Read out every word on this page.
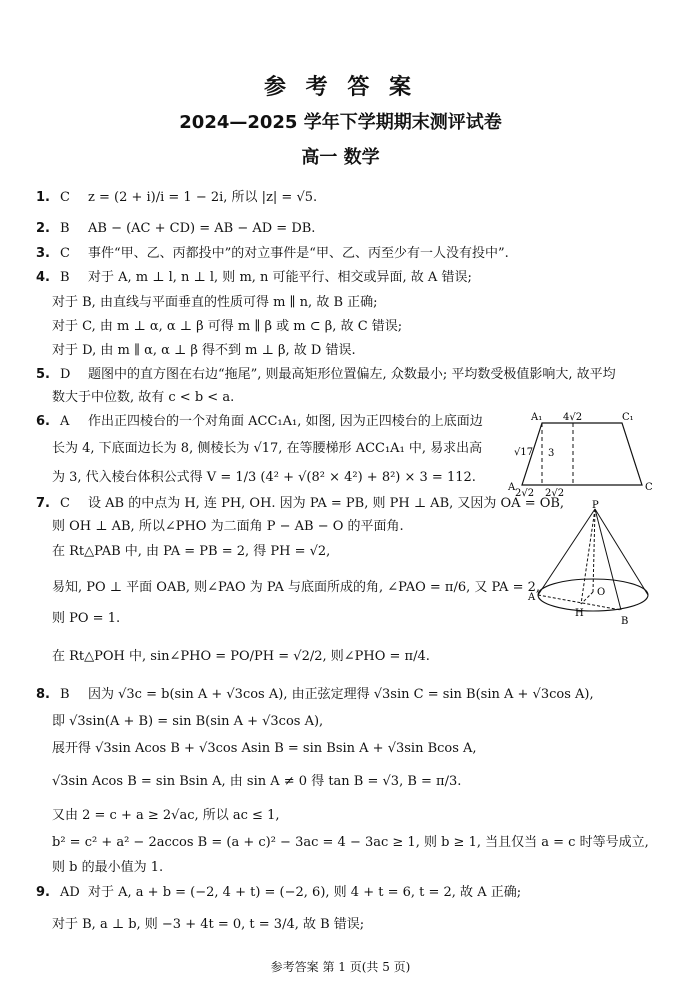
参 考 答 案
2024—2025 学年下学期期末测评试卷
高一 数学
1. C z = (2 + i)/i = 1 − 2i, 所以 |z| = √5.
2. B AB − (AC + CD) = AB − AD = DB.
3. C 事件“甲、乙、丙都投中”的对立事件是“甲、乙、丙至少有一人没有投中”.
4. B 对于 A, m ⊥ l, n ⊥ l, 则 m, n 可能平行、相交或异面, 故 A 错误;
对于 B, 由直线与平面垂直的性质可得 m ∥ n, 故 B 正确;
对于 C, 由 m ⊥ α, α ⊥ β 可得 m ∥ β 或 m ⊂ β, 故 C 错误;
对于 D, 由 m ∥ α, α ⊥ β 得不到 m ⊥ β, 故 D 错误.
5. D 题图中的直方图在右边“拖尾”, 则最高矩形位置偏左, 众数最小; 平均数受极值影响大, 故平均
数大于中位数, 故有 c < b < a.
6. A 作出正四棱台的一个对角面 ACC₁A₁, 如图, 因为正四棱台的上底面边
长为 4, 下底面边长为 8, 侧棱长为 √17, 在等腰梯形 ACC₁A₁ 中, 易求出高
为 3, 代入棱台体积公式得 V = 1/3 (4² + √(8² × 4²) + 8²) × 3 = 112.
A₁ 4√2	C₁
√17 3
A	C
2√2 2√2
7. C 设 AB 的中点为 H, 连 PH, OH. 因为 PA = PB, 则 PH ⊥ AB, 又因为 OA = OB,
则 OH ⊥ AB, 所以∠PHO 为二面角 P − AB − O 的平面角.
在 Rt△PAB 中, 由 PA = PB = 2, 得 PH = √2,
易知, PO ⊥ 平面 OAB, 则∠PAO 为 PA 与底面所成的角, ∠PAO = π/6, 又 PA = 2,
则 PO = 1.
在 Rt△POH 中, sin∠PHO = PO/PH = √2/2, 则∠PHO = π/4.
P
O
A
H
B
8. B 因为 √3c = b(sin A + √3cos A), 由正弦定理得 √3sin C = sin B(sin A + √3cos A),
即 √3sin(A + B) = sin B(sin A + √3cos A),
展开得 √3sin Acos B + √3cos Asin B = sin Bsin A + √3sin Bcos A,
√3sin Acos B = sin Bsin A, 由 sin A ≠ 0 得 tan B = √3, B = π/3.
又由 2 = c + a ≥ 2√ac, 所以 ac ≤ 1,
b² = c² + a² − 2accos B = (a + c)² − 3ac = 4 − 3ac ≥ 1, 则 b ≥ 1, 当且仅当 a = c 时等号成立,
则 b 的最小值为 1.
9. AD 对于 A, a + b = (−2, 4 + t) = (−2, 6), 则 4 + t = 6, t = 2, 故 A 正确;
对于 B, a ⊥ b, 则 −3 + 4t = 0, t = 3/4, 故 B 错误;
参考答案 第 1 页(共 5 页)
